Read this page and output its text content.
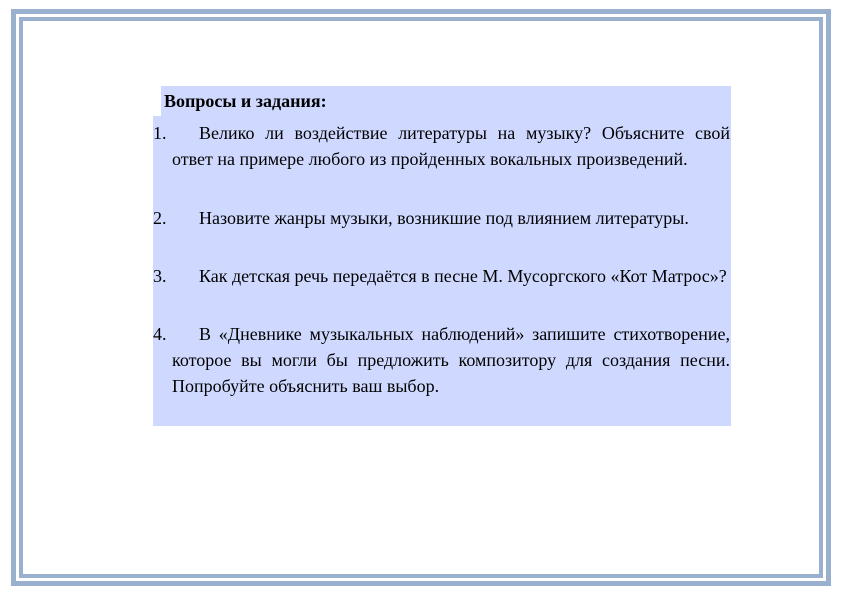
Вопросы и задания:
1.	Велико ли воздействие литературы на музыку? Объясните свой ответ на примере любого из пройденных вокальных произведений.
2.	Назовите жанры музыки, возникшие под влиянием литературы.
3.	Как детская речь передаётся в песне М. Мусоргского «Кот Матрос»?
4.	В «Дневнике музыкальных наблюдений» запишите стихотворение, которое вы могли бы предложить композитору для создания песни. Попробуйте объяснить ваш выбор.
